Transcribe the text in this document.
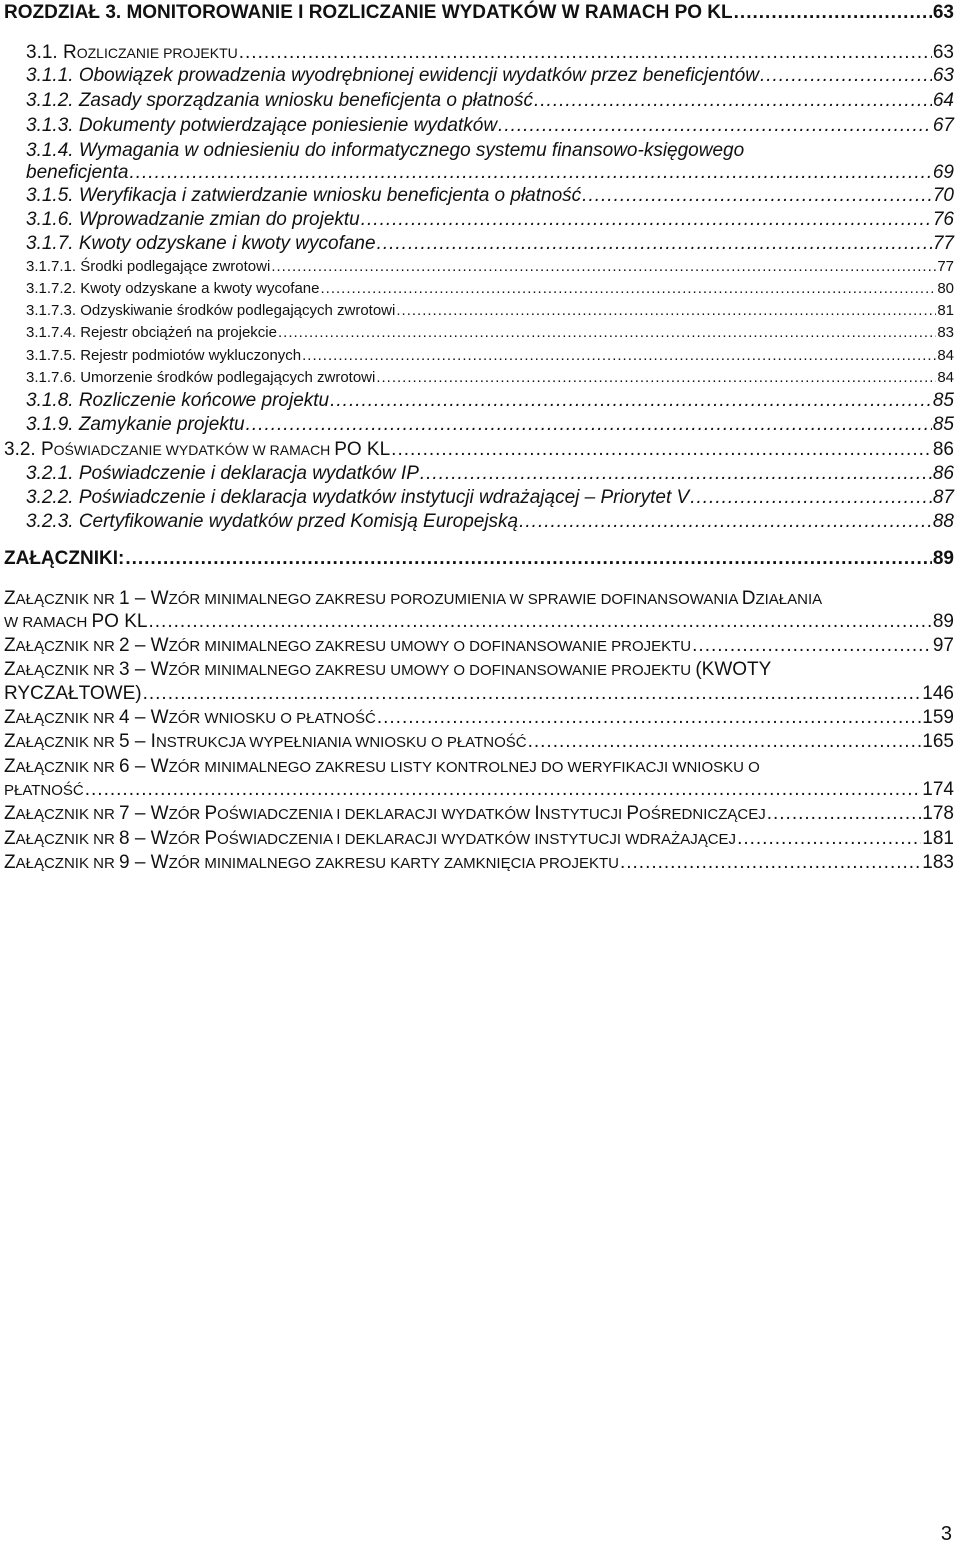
ROZDZIAŁ 3. MONITOROWANIE I ROZLICZANIE WYDATKÓW W RAMACH PO KL .....	63
3.1. ROZLICZANIE PROJEKTU .....	63
3.1.1. Obowiązek prowadzenia wyodrębnionej ewidencji wydatków przez beneficjentów .....	63
3.1.2. Zasady sporządzania wniosku beneficjenta o płatność .....	64
3.1.3. Dokumenty potwierdzające poniesienie wydatków .....	67
3.1.4. Wymagania w odniesieniu do informatycznego systemu finansowo-księgowego
beneficjenta .....	69
3.1.5. Weryfikacja i zatwierdzanie wniosku beneficjenta o płatność .....	70
3.1.6. Wprowadzanie zmian do projektu .....	76
3.1.7. Kwoty odzyskane i kwoty wycofane .....	77
3.1.7.1. Środki podlegające zwrotowi .....	77
3.1.7.2. Kwoty odzyskane a kwoty wycofane .....	80
3.1.7.3. Odzyskiwanie środków podlegających zwrotowi .....	81
3.1.7.4. Rejestr obciążeń na projekcie .....	83
3.1.7.5. Rejestr podmiotów wykluczonych .....	84
3.1.7.6. Umorzenie środków podlegających zwrotowi .....	84
3.1.8. Rozliczenie końcowe projektu .....	85
3.1.9. Zamykanie projektu .....	85
3.2. POŚWIADCZANIE WYDATKÓW W RAMACH PO KL .....	86
3.2.1. Poświadczenie i deklaracja wydatków IP .....	86
3.2.2. Poświadczenie i deklaracja wydatków instytucji wdrażającej – Priorytet V .....	87
3.2.3. Certyfikowanie wydatków przed Komisją Europejską .....	88
ZAŁĄCZNIKI: .....	89
ZAŁĄCZNIK NR 1 – WZÓR MINIMALNEGO ZAKRESU POROZUMIENIA W SPRAWIE DOFINANSOWANIA DZIAŁANIA
W RAMACH PO KL .....	89
ZAŁĄCZNIK NR 2 – WZÓR MINIMALNEGO ZAKRESU UMOWY O DOFINANSOWANIE PROJEKTU .....	97
ZAŁĄCZNIK NR 3 – WZÓR MINIMALNEGO ZAKRESU UMOWY O DOFINANSOWANIE PROJEKTU (KWOTY
RYCZAŁTOWE) .....	146
ZAŁĄCZNIK NR 4 – WZÓR WNIOSKU O PŁATNOŚĆ .....	159
ZAŁĄCZNIK NR 5 – INSTRUKCJA WYPEŁNIANIA WNIOSKU O PŁATNOŚĆ .....	165
ZAŁĄCZNIK NR 6 – WZÓR MINIMALNEGO ZAKRESU LISTY KONTROLNEJ DO WERYFIKACJI WNIOSKU O
PŁATNOŚĆ .....	174
ZAŁĄCZNIK NR 7 – WZÓR POŚWIADCZENIA I DEKLARACJI WYDATKÓW INSTYTUCJI POŚREDNICZĄCEJ .....	178
ZAŁĄCZNIK NR 8 – WZÓR POŚWIADCZENIA I DEKLARACJI WYDATKÓW INSTYTUCJI WDRAŻAJĄCEJ .....	181
ZAŁĄCZNIK NR 9 – WZÓR MINIMALNEGO ZAKRESU KARTY ZAMKNIĘCIA PROJEKTU .....	183
3
